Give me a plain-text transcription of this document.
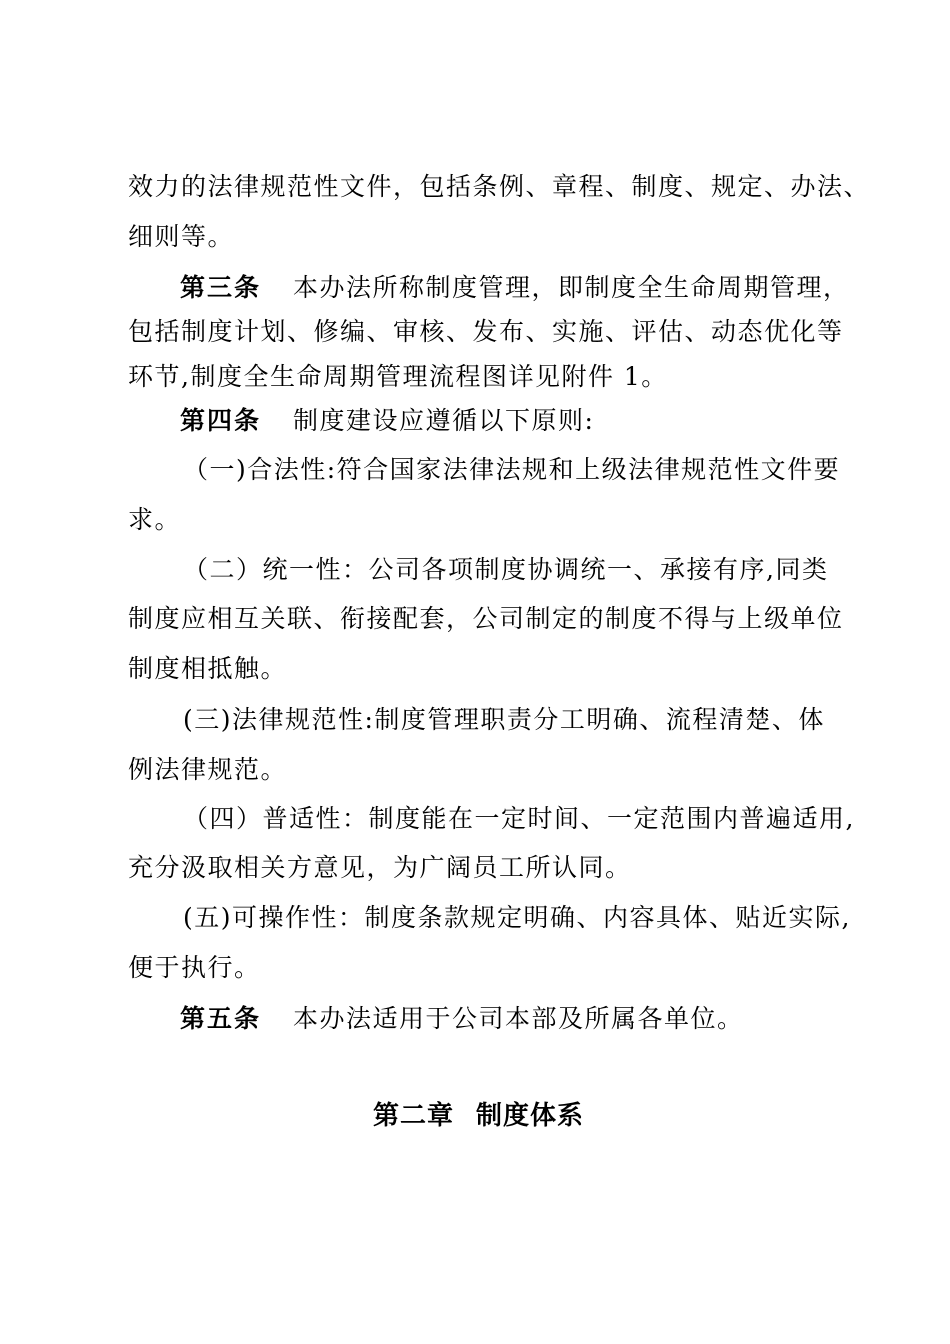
效力的法律规范性文件，包括条例、章程、制度、规定、办法、
细则等。
第三条 本办法所称制度管理，即制度全生命周期管理，
包括制度计划、修编、审核、发布、实施、评估、动态优化等
环节,制度全生命周期管理流程图详见附件 1。
第四条 制度建设应遵循以下原则:
（一)合法性:符合国家法律法规和上级法律规范性文件要
求。
（二）统一性：公司各项制度协调统一、承接有序,同类
制度应相互关联、衔接配套，公司制定的制度不得与上级单位
制度相抵触。
(三)法律规范性:制度管理职责分工明确、流程清楚、体
例法律规范。
（四）普适性：制度能在一定时间、一定范围内普遍适用,
充分汲取相关方意见，为广阔员工所认同。
(五)可操作性：制度条款规定明确、内容具体、贴近实际,
便于执行。
第五条 本办法适用于公司本部及所属各单位。
第二章 制度体系
